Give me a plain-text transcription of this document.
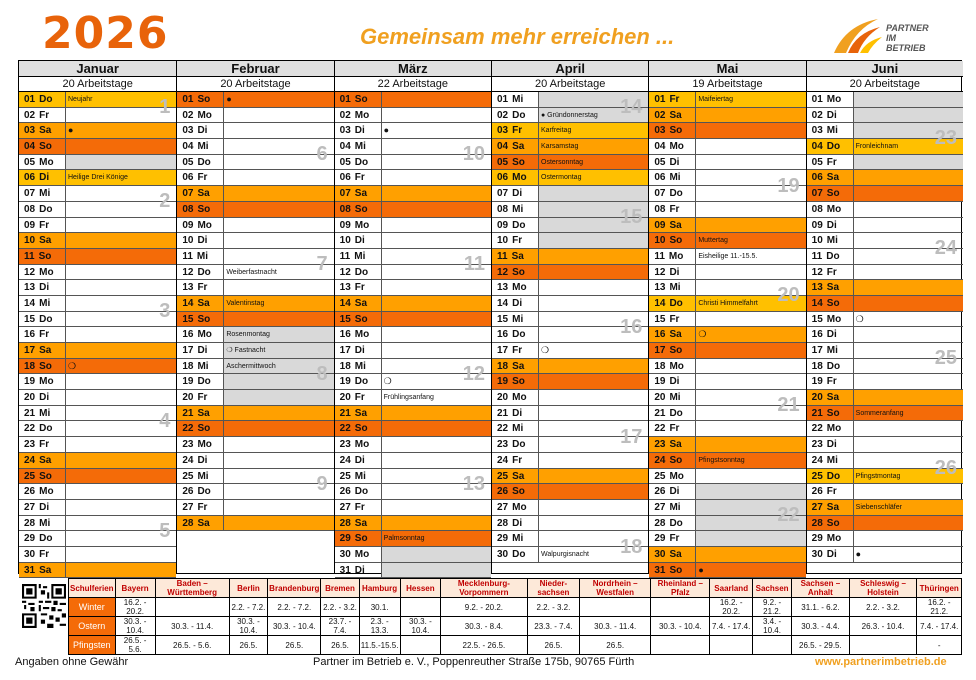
2026	Gemeinsam mehr erreichen ...	PARTNER
IM
BETRIEB
Januar
20 Arbeitstage
01 Do	Neujahr
02 Fr
03 Sa	●
04 So
05 Mo
06 Di	Heilige Drei Könige
07 Mi
08 Do
09 Fr
10 Sa
11 So
12 Mo
13 Di
14 Mi
15 Do
16 Fr
17 Sa
18 So	❍
19 Mo
20 Di
21 Mi
22 Do
23 Fr
24 Sa
25 So
26 Mo
27 Di
28 Mi
29 Do
30 Fr
31 Sa
1
2
3
4
5
Februar
20 Arbeitstage
01 So	●
02 Mo
03 Di
04 Mi
05 Do
06 Fr
07 Sa
08 So
09 Mo
10 Di
11 Mi
12 Do	Weiberfastnacht
13 Fr
14 Sa	Valentinstag
15 So
16 Mo	Rosenmontag
17 Di	❍ Fastnacht
18 Mi	Aschermittwoch
19 Do
20 Fr
21 Sa
22 So
23 Mo
24 Di
25 Mi
26 Do
27 Fr
28 Sa
6
7
8
9
März
22 Arbeitstage
01 So
02 Mo
03 Di	●
04 Mi
05 Do
06 Fr
07 Sa
08 So
09 Mo
10 Di
11 Mi
12 Do
13 Fr
14 Sa
15 So
16 Mo
17 Di
18 Mi
19 Do	❍
20 Fr	Frühlingsanfang
21 Sa
22 So
23 Mo
24 Di
25 Mi
26 Do
27 Fr
28 Sa
29 So	Palmsonntag
30 Mo
31 Di
10
11
12
13
April
20 Arbeitstage
01 Mi
02 Do	● Gründonnerstag
03 Fr	Karfreitag
04 Sa	Karsamstag
05 So	Ostersonntag
06 Mo	Ostermontag
07 Di
08 Mi
09 Do
10 Fr
11 Sa
12 So
13 Mo
14 Di
15 Mi
16 Do
17 Fr	❍
18 Sa
19 So
20 Mo
21 Di
22 Mi
23 Do
24 Fr
25 Sa
26 So
27 Mo
28 Di
29 Mi
30 Do	Walpurgisnacht
14
15
16
17
18
Mai
19 Arbeitstage
01 Fr	Maifeiertag
02 Sa
03 So
04 Mo
05 Di
06 Mi
07 Do
08 Fr
09 Sa
10 So	Muttertag
11 Mo	Eisheilige 11.-15.5.
12 Di
13 Mi
14 Do	Christi Himmelfahrt
15 Fr
16 Sa	❍
17 So
18 Mo
19 Di
20 Mi
21 Do
22 Fr
23 Sa
24 So	Pfingstsonntag
25 Mo
26 Di
27 Mi
28 Do
29 Fr
30 Sa
31 So	●
19
20
21
22
Juni
20 Arbeitstage
01 Mo
02 Di
03 Mi
04 Do	Fronleichnam
05 Fr
06 Sa
07 So
08 Mo
09 Di
10 Mi
11 Do
12 Fr
13 Sa
14 So
15 Mo	❍
16 Di
17 Mi
18 Do
19 Fr
20 Sa
21 So	Sommeranfang
22 Mo
23 Di
24 Mi
25 Do	Pfingstmontag
26 Fr
27 Sa	Siebenschläfer
28 So
29 Mo
30 Di	●
23
24
25
26
Schulferien	Bayern	Baden – Württemberg	Berlin	Brandenburg	Bremen	Hamburg	Hessen	Mecklenburg-Vorpommern	Nieder-sachsen	Nordrhein – Westfalen	Rheinland – Pfalz	Saarland	Sachsen	Sachsen – Anhalt	Schleswig – Holstein	Thüringen
Winter	16.2. - 20.2.		2.2. - 7.2.	2.2. - 7.2.	2.2. - 3.2.	30.1.		9.2. - 20.2.	2.2. - 3.2.			16.2. - 20.2.	9.2. - 21.2.	31.1. - 6.2.	2.2. - 3.2.	16.2. - 21.2.
Ostern	30.3. - 10.4.	30.3. - 11.4.	30.3. - 10.4.	30.3. - 10.4.	23.7. - 7.4.	2.3. - 13.3.	30.3. - 10.4.	30.3. - 8.4.	23.3. - 7.4.	30.3. - 11.4.	30.3. - 10.4.	7.4. - 17.4.	3.4. - 10.4.	30.3. - 4.4.	26.3. - 10.4.	7.4. - 17.4.
Pfingsten	26.5. - 5.6.	26.5. - 5.6.	26.5.	26.5.	26.5.	11.5.-15.5.		22.5. - 26.5.	26.5.	26.5.				26.5. - 29.5.		-
Angaben ohne Gewähr	Partner im Betrieb e. V., Poppenreuther Straße 175b, 90765 Fürth	www.partnerimbetrieb.de
